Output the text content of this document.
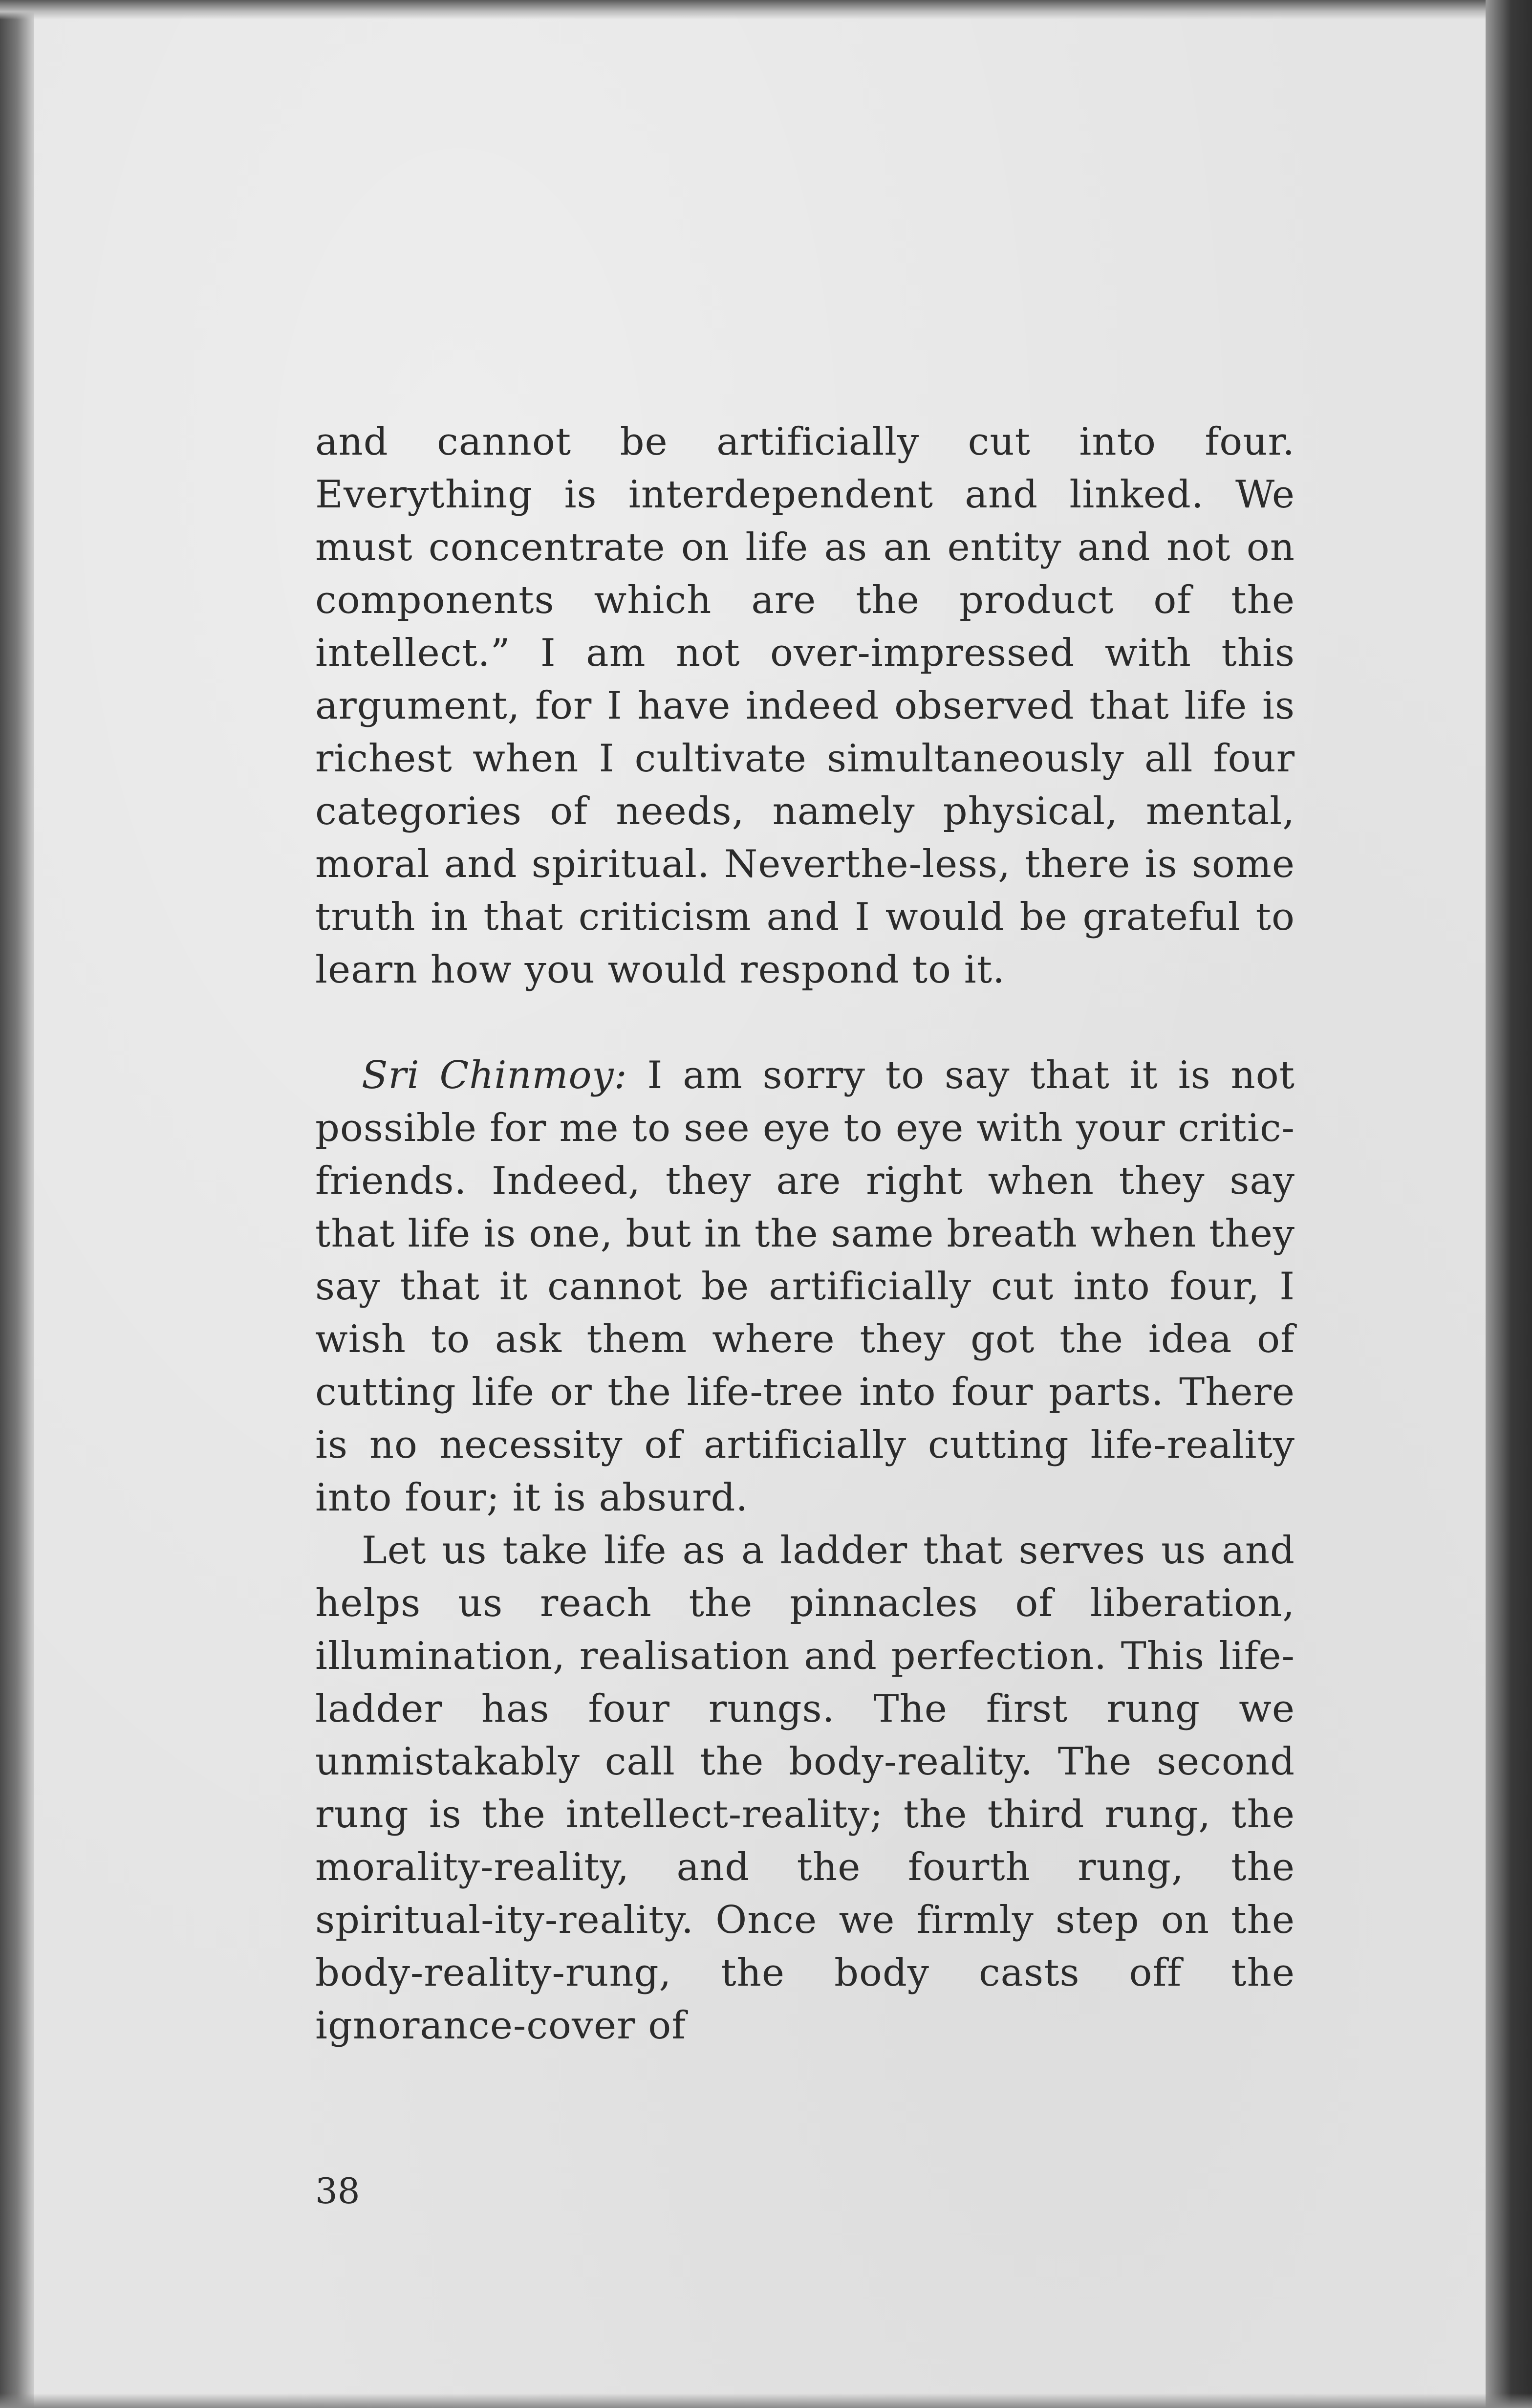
and cannot be artificially cut into four. Everything is interdependent and linked. We must concentrate on life as an entity and not on components which are the product of the intellect.” I am not over-impressed with this argument, for I have indeed observed that life is richest when I cultivate simultaneously all four categories of needs, namely physical, mental, moral and spiritual. Neverthe-less, there is some truth in that criticism and I would be grateful to learn how you would respond to it.

Sri Chinmoy: I am sorry to say that it is not possible for me to see eye to eye with your critic-friends. Indeed, they are right when they say that life is one, but in the same breath when they say that it cannot be artificially cut into four, I wish to ask them where they got the idea of cutting life or the life-tree into four parts. There is no necessity of artificially cutting life-reality into four; it is absurd.

Let us take life as a ladder that serves us and helps us reach the pinnacles of liberation, illumination, realisation and perfection. This life-ladder has four rungs. The first rung we unmistakably call the body-reality. The second rung is the intellect-reality; the third rung, the morality-reality, and the fourth rung, the spiritual-ity-reality. Once we firmly step on the body-reality-rung, the body casts off the ignorance-cover of

38
